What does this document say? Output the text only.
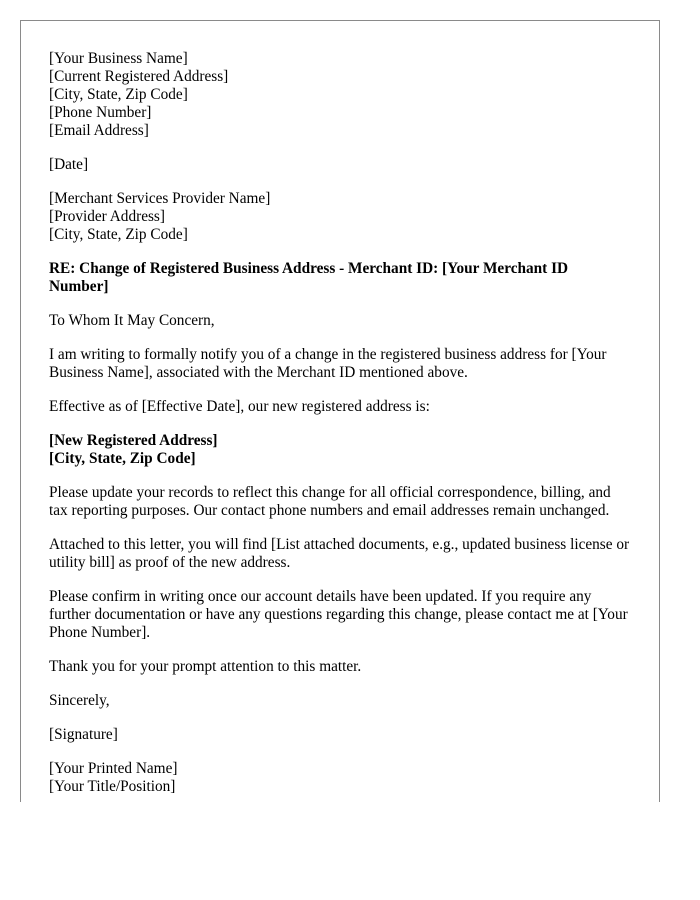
[Your Business Name]
[Current Registered Address]
[City, State, Zip Code]
[Phone Number]
[Email Address]

[Date]

[Merchant Services Provider Name]
[Provider Address]
[City, State, Zip Code]

RE: Change of Registered Business Address - Merchant ID: [Your Merchant ID Number]

To Whom It May Concern,

I am writing to formally notify you of a change in the registered business address for [Your Business Name], associated with the Merchant ID mentioned above.

Effective as of [Effective Date], our new registered address is:

[New Registered Address]
[City, State, Zip Code]

Please update your records to reflect this change for all official correspondence, billing, and tax reporting purposes. Our contact phone numbers and email addresses remain unchanged.

Attached to this letter, you will find [List attached documents, e.g., updated business license or utility bill] as proof of the new address.

Please confirm in writing once our account details have been updated. If you require any further documentation or have any questions regarding this change, please contact me at [Your Phone Number].

Thank you for your prompt attention to this matter.

Sincerely,

[Signature]

[Your Printed Name]
[Your Title/Position]
